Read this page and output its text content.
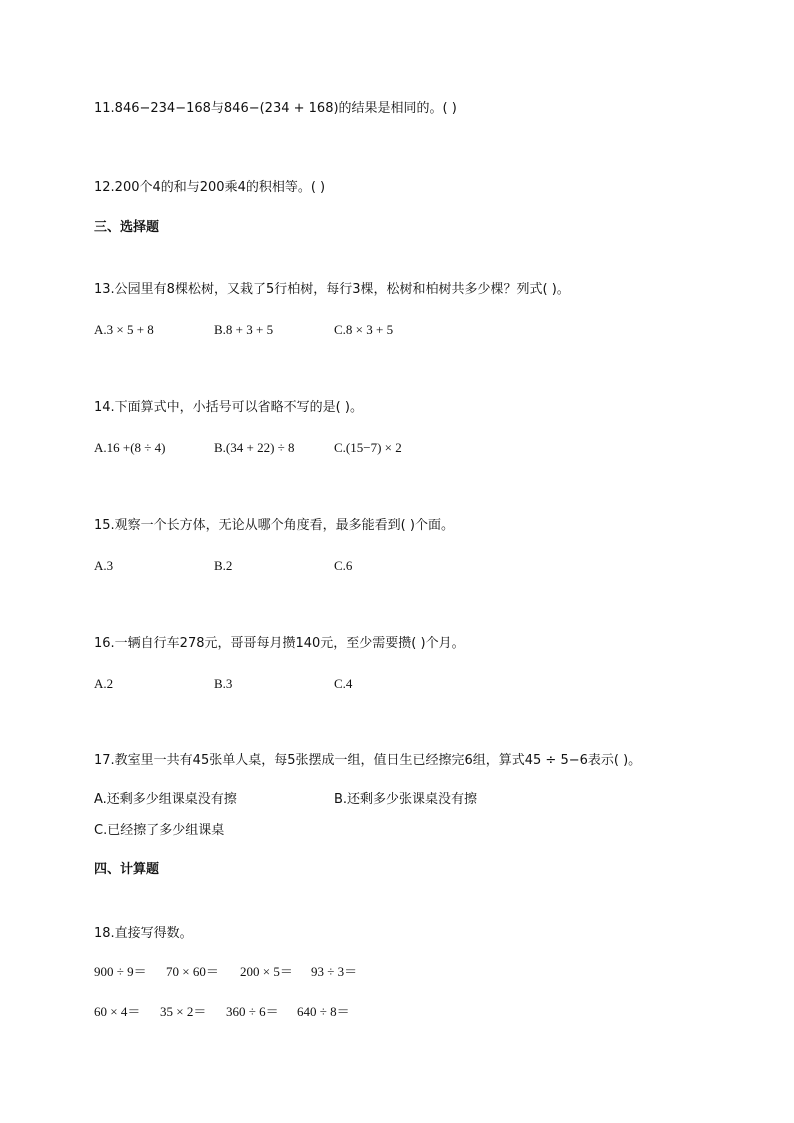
11.846−234−168与846−(234 + 168)的结果是相同的。( )
12.200个4的和与200乘4的积相等。( )
三、选择题
13.公园里有8棵松树，又栽了5行柏树，每行3棵，松树和柏树共多少棵？列式( )。
A.3 × 5 + 8	B.8 + 3 + 5	C.8 × 3 + 5
14.下面算式中，小括号可以省略不写的是( )。
A.16 +(8 ÷ 4)	B.(34 + 22) ÷ 8	C.(15−7) × 2
15.观察一个长方体，无论从哪个角度看，最多能看到( )个面。
A.3	B.2	C.6
16.一辆自行车278元，哥哥每月攒140元，至少需要攒( )个月。
A.2	B.3	C.4
17.教室里一共有45张单人桌，每5张摆成一组，值日生已经擦完6组，算式45 ÷ 5−6表示( )。
A.还剩多少组课桌没有擦	B.还剩多少张课桌没有擦
C.已经擦了多少组课桌
四、计算题
18.直接写得数。
900 ÷ 9＝ 70 × 60＝ 200 × 5＝ 93 ÷ 3＝
60 × 4＝ 35 × 2＝ 360 ÷ 6＝ 640 ÷ 8＝
